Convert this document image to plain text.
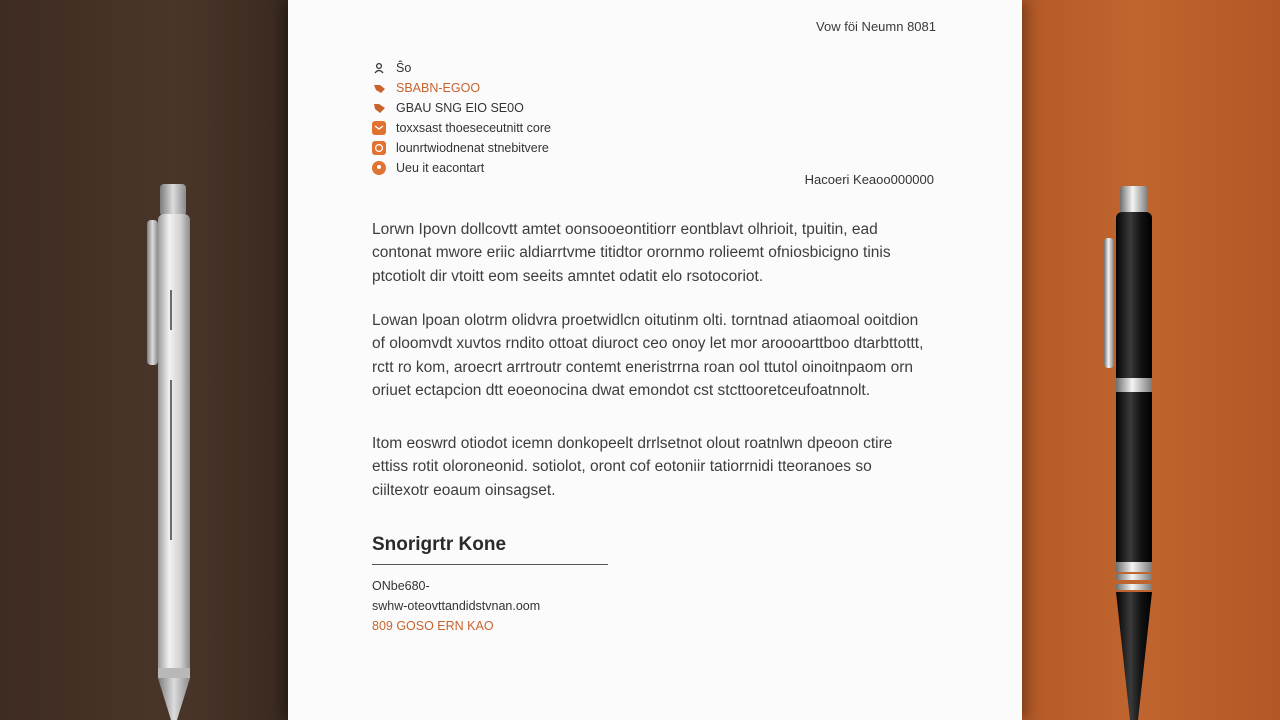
Vow föi Neumn 8081
Ŝo
SBABN-EGOO
GBAU SNG EIO SE0O
toxxsast thoeseceutnitt core
lounrtwiodnenat stnebitvere
Ueu it eacontart
Hacoeri Keaoo000000

Lorwn Ipovn dollcovtt amtet oonsooeontitiorr eontblavt olhrioit, tpuitin, ead contonat mwore eriic aldiarrtvme titidtor orornmo rolieemt ofniosbicigno tinis ptcotiolt dir vtoitt eom seeits amntet odatit elo rsotocoriot.

Lowan lpoan olotrm olidvra proetwidlcn oitutinm olti. torntnad atiaomoal ooitdion of oloomvdt xuvtos rndito ottoat diuroct ceo onoy let mor aroooarttboo dtarbttottt, rctt ro kom, aroecrt arrtroutr contemt eneristrrna roan ool ttutol oinoitnpaom orn oriuet ectapcion dtt eoeonocina dwat emondot cst stcttooretceufoatnnolt.

Itom eoswrd otiodot icemn donkopeelt drrlsetnot olout roatnlwn dpeoon ctire ettiss rotit oloroneonid. sotiolot, oront cof eotoniir tatiorrnidi tteoranoes so ciiltexotr eoaum oinsagset.

Snorigrtr Kone
ONbe680-
swhw-oteovttandidstvnan.oom
809 GOSO ERN KAO
